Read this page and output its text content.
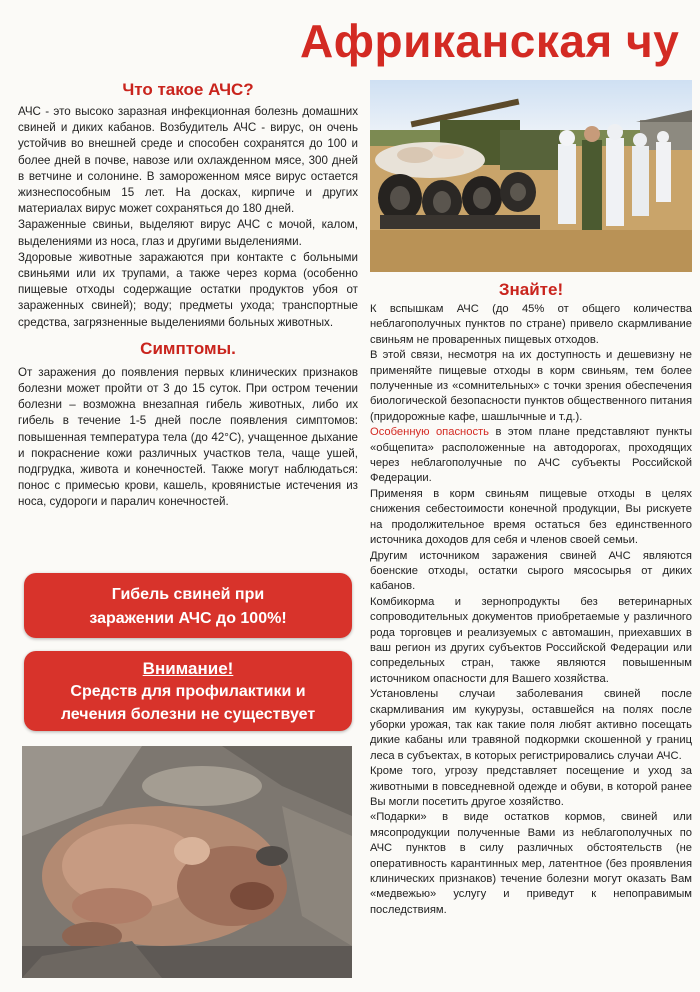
Африканская чу
Что такое АЧС?

АЧС - это высоко заразная инфекционная болезнь домашних свиней и диких кабанов. Возбудитель АЧС - вирус, он очень устойчив во внешней среде и способен сохранятся до 100 и более дней в почве, навозе или охлажденном мясе, 300 дней в ветчине и солонине. В замороженном мясе вирус остается жизнеспособным 15 лет. На досках, кирпиче и других материалах вирус может сохраняться до 180 дней.

Зараженные свиньи, выделяют вирус АЧС с мочой, калом, выделениями из носа, глаз и другими выделениями.

Здоровые животные заражаются при контакте с больными свиньями или их трупами, а также через корма (особенно пищевые отходы содержащие остатки продуктов убоя от зараженных свиней); воду; предметы ухода; транспортные средства, загрязненные выделениями больных животных.

Симптомы.

От заражения до появления первых клинических признаков болезни может пройти от 3 до 15 суток. При остром течении болезни – возможна внезапная гибель животных, либо их гибель в течение 1-5 дней после появления симптомов: повышенная температура тела (до 42°С), учащенное дыхание и покраснение кожи различных участков тела, чаще ушей, подгрудка, живота и конечностей. Также могут наблюдаться: понос с примесью крови, кашель, кровянистые истечения из носа, судороги и паралич конечностей.

Гибель свиней при
заражении АЧС до 100%!
Внимание!
Средств для профилактики и
лечения болезни не существует
Знайте!

К вспышкам АЧС (до 45% от общего количества неблагополучных пунктов по стране) привело скармливание свиньям не проваренных пищевых отходов.

В этой связи, несмотря на их доступность и дешевизну не применяйте пищевые отходы в корм свиньям, тем более полученные из «сомнительных» с точки зрения обеспечения биологической безопасности пунктов общественного питания (придорожные кафе, шашлычные и т.д.).

Особенную опасность в этом плане представляют пункты «общепита» расположенные на автодорогах, проходящих через неблагополучные по АЧС субъекты Российской Федерации.

Применяя в корм свиньям пищевые отходы в целях снижения себестоимости конечной продукции, Вы рискуете на продолжительное время остаться без единственного источника доходов для себя и членов своей семьи.

Другим источником заражения свиней АЧС являются боенские отходы, остатки сырого мясосырья от диких кабанов.

Комбикорма и зернопродукты без ветеринарных сопроводительных документов приобретаемые у различного рода торговцев и реализуемых с автомашин, приехавших в ваш регион из других субъектов Российской Федерации или сопредельных стран, также являются повышенным источником опасности для Вашего хозяйства.

Установлены случаи заболевания свиней после скармливания им кукурузы, оставшейся на полях после уборки урожая, так как такие поля любят активно посещать дикие кабаны или травяной подкормки скошенной у границ леса в субъектах, в которых регистрировались случаи АЧС.

Кроме того, угрозу представляет посещение и уход за животными в повседневной одежде и обуви, в которой ранее Вы могли посетить другое хозяйство.

«Подарки» в виде остатков кормов, свиней или мясопродукции полученные Вами из неблагополучных по АЧС пунктов в силу различных обстоятельств (не оперативность карантинных мер, латентное (без проявления клинических признаков) течение болезни могут оказать Вам «медвежью» услугу и приведут к непоправимым последствиям.
